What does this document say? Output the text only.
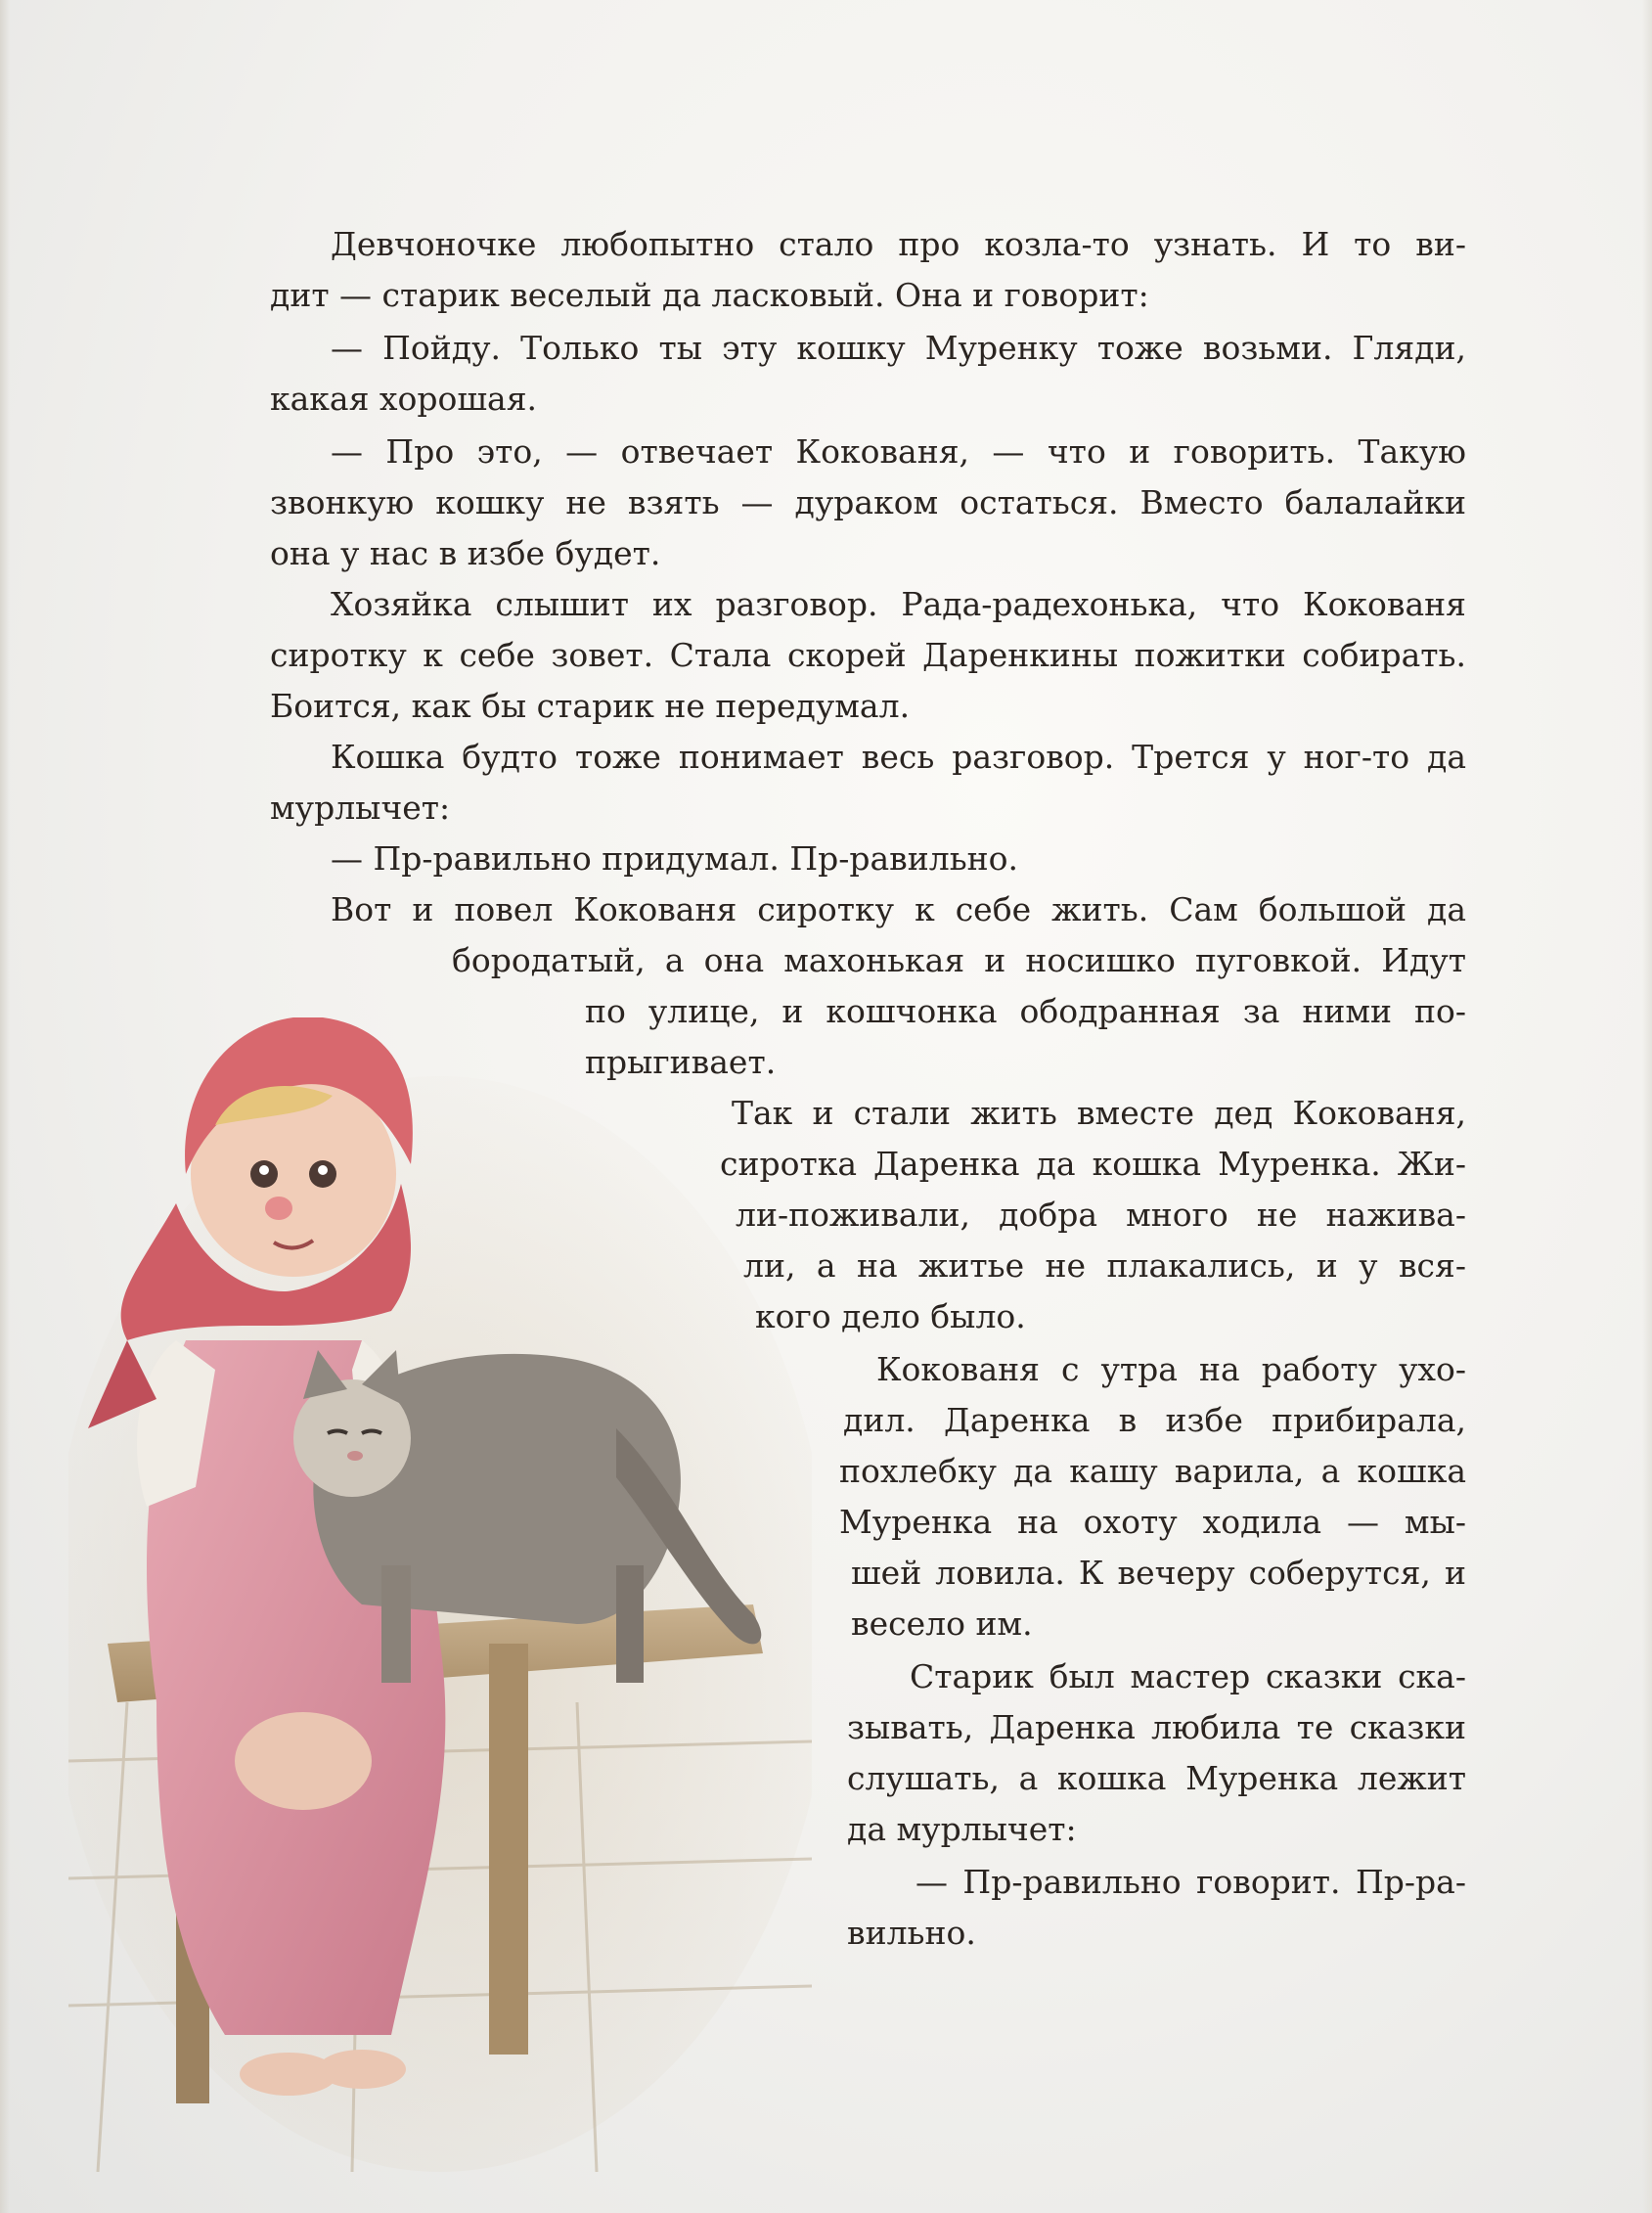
Девчоночке любопытно стало про козла-то узнать. И то ви-
дит — старик веселый да ласковый. Она и говорит:
— Пойду. Только ты эту кошку Муренку тоже возьми. Гляди,
какая хорошая.
— Про это, — отвечает Кокованя, — что и говорить. Такую
звонкую кошку не взять — дураком остаться. Вместо балалайки
она у нас в избе будет.
Хозяйка слышит их разговор. Рада-радехонька, что Кокованя
сиротку к себе зовет. Стала скорей Даренкины пожитки собирать.
Боится, как бы старик не передумал.
Кошка будто тоже понимает весь разговор. Трется у ног-то да
мурлычет:
— Пр-равильно придумал. Пр-равильно.
Вот и повел Кокованя сиротку к себе жить. Сам большой да
бородатый, а она махонькая и носишко пуговкой. Идут
по улице, и кошчонка ободранная за ними по-
прыгивает.
Так и стали жить вместе дед Кокованя,
сиротка Даренка да кошка Муренка. Жи-
ли-поживали, добра много не нажива-
ли, а на житье не плакались, и у вся-
кого дело было.
Кокованя с утра на работу ухо-
дил. Даренка в избе прибирала,
похлебку да кашу варила, а кошка
Муренка на охоту ходила — мы-
шей ловила. К вечеру соберутся, и
весело им.
Старик был мастер сказки ска-
зывать, Даренка любила те сказки
слушать, а кошка Муренка лежит
да мурлычет:
— Пр-равильно говорит. Пр-ра-
вильно.
